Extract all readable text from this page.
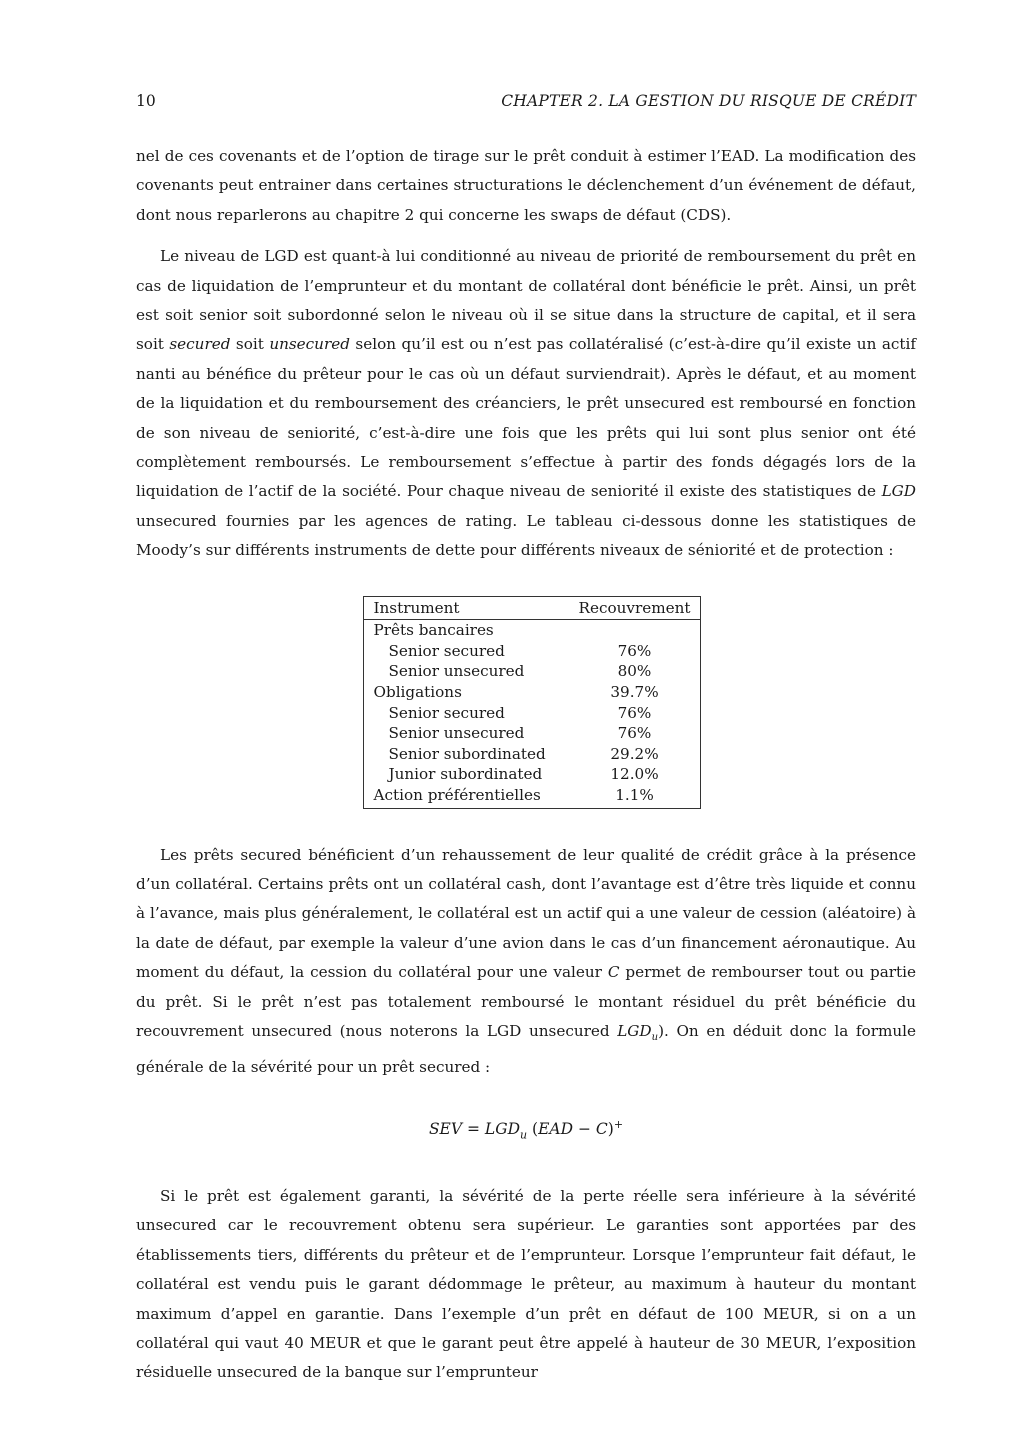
10	CHAPTER 2. LA GESTION DU RISQUE DE CRÉDIT

nel de ces covenants et de l’option de tirage sur le prêt conduit à estimer l’EAD. La modification des covenants peut entrainer dans certaines structurations le déclenchement d’un événement de défaut, dont nous reparlerons au chapitre 2 qui concerne les swaps de défaut (CDS).

Le niveau de LGD est quant-à lui conditionné au niveau de priorité de remboursement du prêt en cas de liquidation de l’emprunteur et du montant de collatéral dont bénéficie le prêt. Ainsi, un prêt est soit senior soit subordonné selon le niveau où il se situe dans la structure de capital, et il sera soit secured soit unsecured selon qu’il est ou n’est pas collatéralisé (c’est-à-dire qu’il existe un actif nanti au bénéfice du prêteur pour le cas où un défaut surviendrait). Après le défaut, et au moment de la liquidation et du remboursement des créanciers, le prêt unsecured est remboursé en fonction de son niveau de seniorité, c’est-à-dire une fois que les prêts qui lui sont plus senior ont été complètement remboursés. Le remboursement s’effectue à partir des fonds dégagés lors de la liquidation de l’actif de la société. Pour chaque niveau de seniorité il existe des statistiques de LGD unsecured fournies par les agences de rating. Le tableau ci-dessous donne les statistiques de Moody’s sur différents instruments de dette pour différents niveaux de séniorité et de protection :

Instrument	Recouvrement
Prêts bancaires	
Senior secured	76%
Senior unsecured	80%
Obligations	39.7%
Senior secured	76%
Senior unsecured	76%
Senior subordinated	29.2%
Junior subordinated	12.0%
Action préférentielles	1.1%

Les prêts secured bénéficient d’un rehaussement de leur qualité de crédit grâce à la présence d’un collatéral. Certains prêts ont un collatéral cash, dont l’avantage est d’être très liquide et connu à l’avance, mais plus généralement, le collatéral est un actif qui a une valeur de cession (aléatoire) à la date de défaut, par exemple la valeur d’une avion dans le cas d’un financement aéronautique. Au moment du défaut, la cession du collatéral pour une valeur C permet de rembourser tout ou partie du prêt. Si le prêt n’est pas totalement remboursé le montant résiduel du prêt bénéficie du recouvrement unsecured (nous noterons la LGD unsecured $LGD_u$). On en déduit donc la formule générale de la sévérité pour un prêt secured :

SEV = $LGD_u$ (EAD − C)+

Si le prêt est également garanti, la sévérité de la perte réelle sera inférieure à la sévérité unsecured car le recouvrement obtenu sera supérieur. Le garanties sont apportées par des établissements tiers, différents du prêteur et de l’emprunteur. Lorsque l’emprunteur fait défaut, le collatéral est vendu puis le garant dédommage le prêteur, au maximum à hauteur du montant maximum d’appel en garantie. Dans l’exemple d’un prêt en défaut de 100 MEUR, si on a un collatéral qui vaut 40 MEUR et que le garant peut être appelé à hauteur de 30 MEUR, l’exposition résiduelle unsecured de la banque sur l’emprunteur
